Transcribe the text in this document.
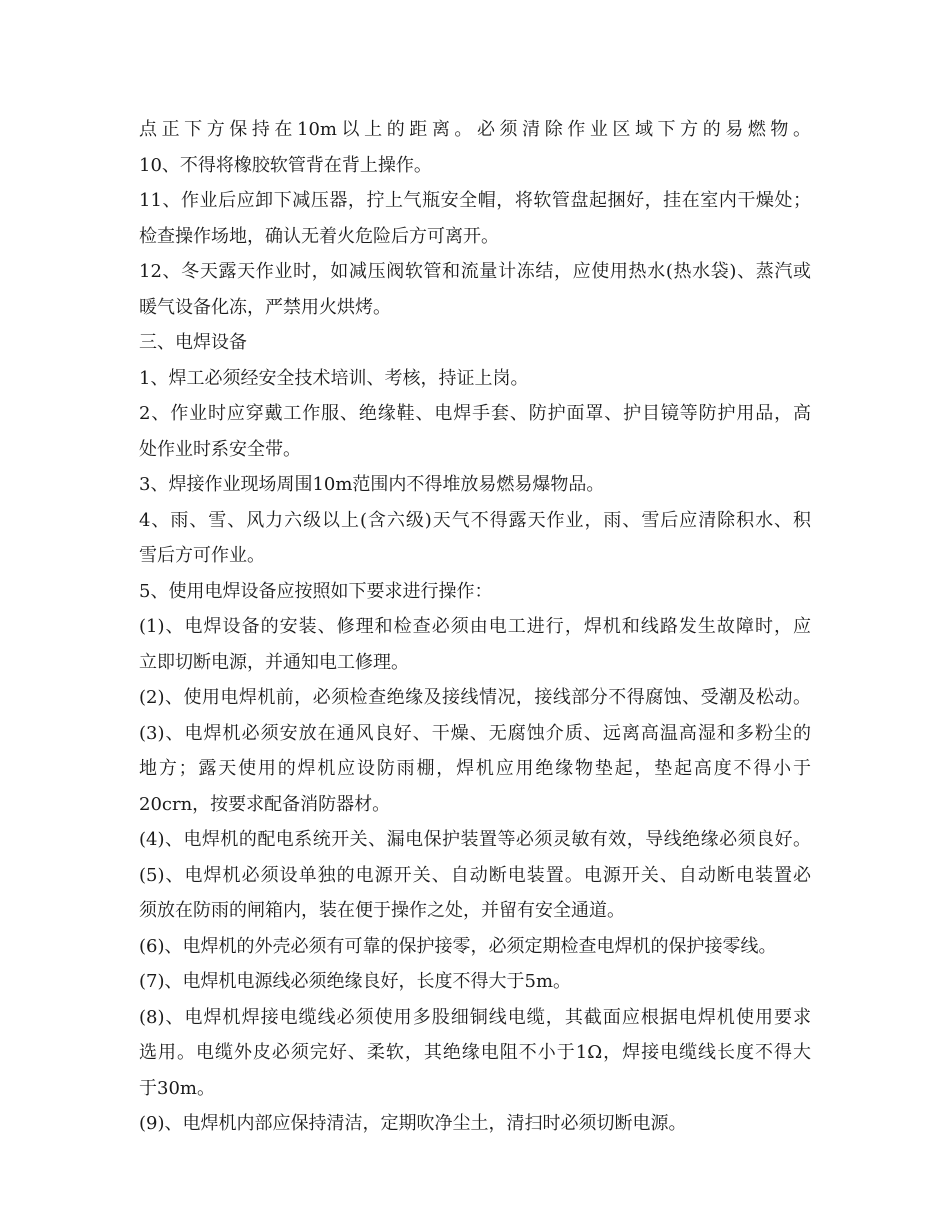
点正下方保持在10m以上的距离。必须清除作业区域下方的易燃物。
10、不得将橡胶软管背在背上操作。
11、作业后应卸下减压器，拧上气瓶安全帽，将软管盘起捆好，挂在室内干燥处；
检查操作场地，确认无着火危险后方可离开。
12、冬天露天作业时，如减压阀软管和流量计冻结，应使用热水(热水袋)、蒸汽或
暖气设备化冻，严禁用火烘烤。
三、电焊设备
1、焊工必须经安全技术培训、考核，持证上岗。
2、作业时应穿戴工作服、绝缘鞋、电焊手套、防护面罩、护目镜等防护用品，高
处作业时系安全带。
3、焊接作业现场周围10m范围内不得堆放易燃易爆物品。
4、雨、雪、风力六级以上(含六级)天气不得露天作业，雨、雪后应清除积水、积
雪后方可作业。
5、使用电焊设备应按照如下要求进行操作：
(1)、电焊设备的安装、修理和检查必须由电工进行，焊机和线路发生故障时，应
立即切断电源，并通知电工修理。
(2)、使用电焊机前，必须检查绝缘及接线情况，接线部分不得腐蚀、受潮及松动。
(3)、电焊机必须安放在通风良好、干燥、无腐蚀介质、远离高温高湿和多粉尘的
地方；露天使用的焊机应设防雨棚，焊机应用绝缘物垫起，垫起高度不得小于
20crn，按要求配备消防器材。
(4)、电焊机的配电系统开关、漏电保护装置等必须灵敏有效，导线绝缘必须良好。
(5)、电焊机必须设单独的电源开关、自动断电装置。电源开关、自动断电装置必
须放在防雨的闸箱内，装在便于操作之处，并留有安全通道。
(6)、电焊机的外壳必须有可靠的保护接零，必须定期检查电焊机的保护接零线。
(7)、电焊机电源线必须绝缘良好，长度不得大于5m。
(8)、电焊机焊接电缆线必须使用多股细铜线电缆，其截面应根据电焊机使用要求
选用。电缆外皮必须完好、柔软，其绝缘电阻不小于1Ω，焊接电缆线长度不得大
于30m。
(9)、电焊机内部应保持清洁，定期吹净尘土，清扫时必须切断电源。
